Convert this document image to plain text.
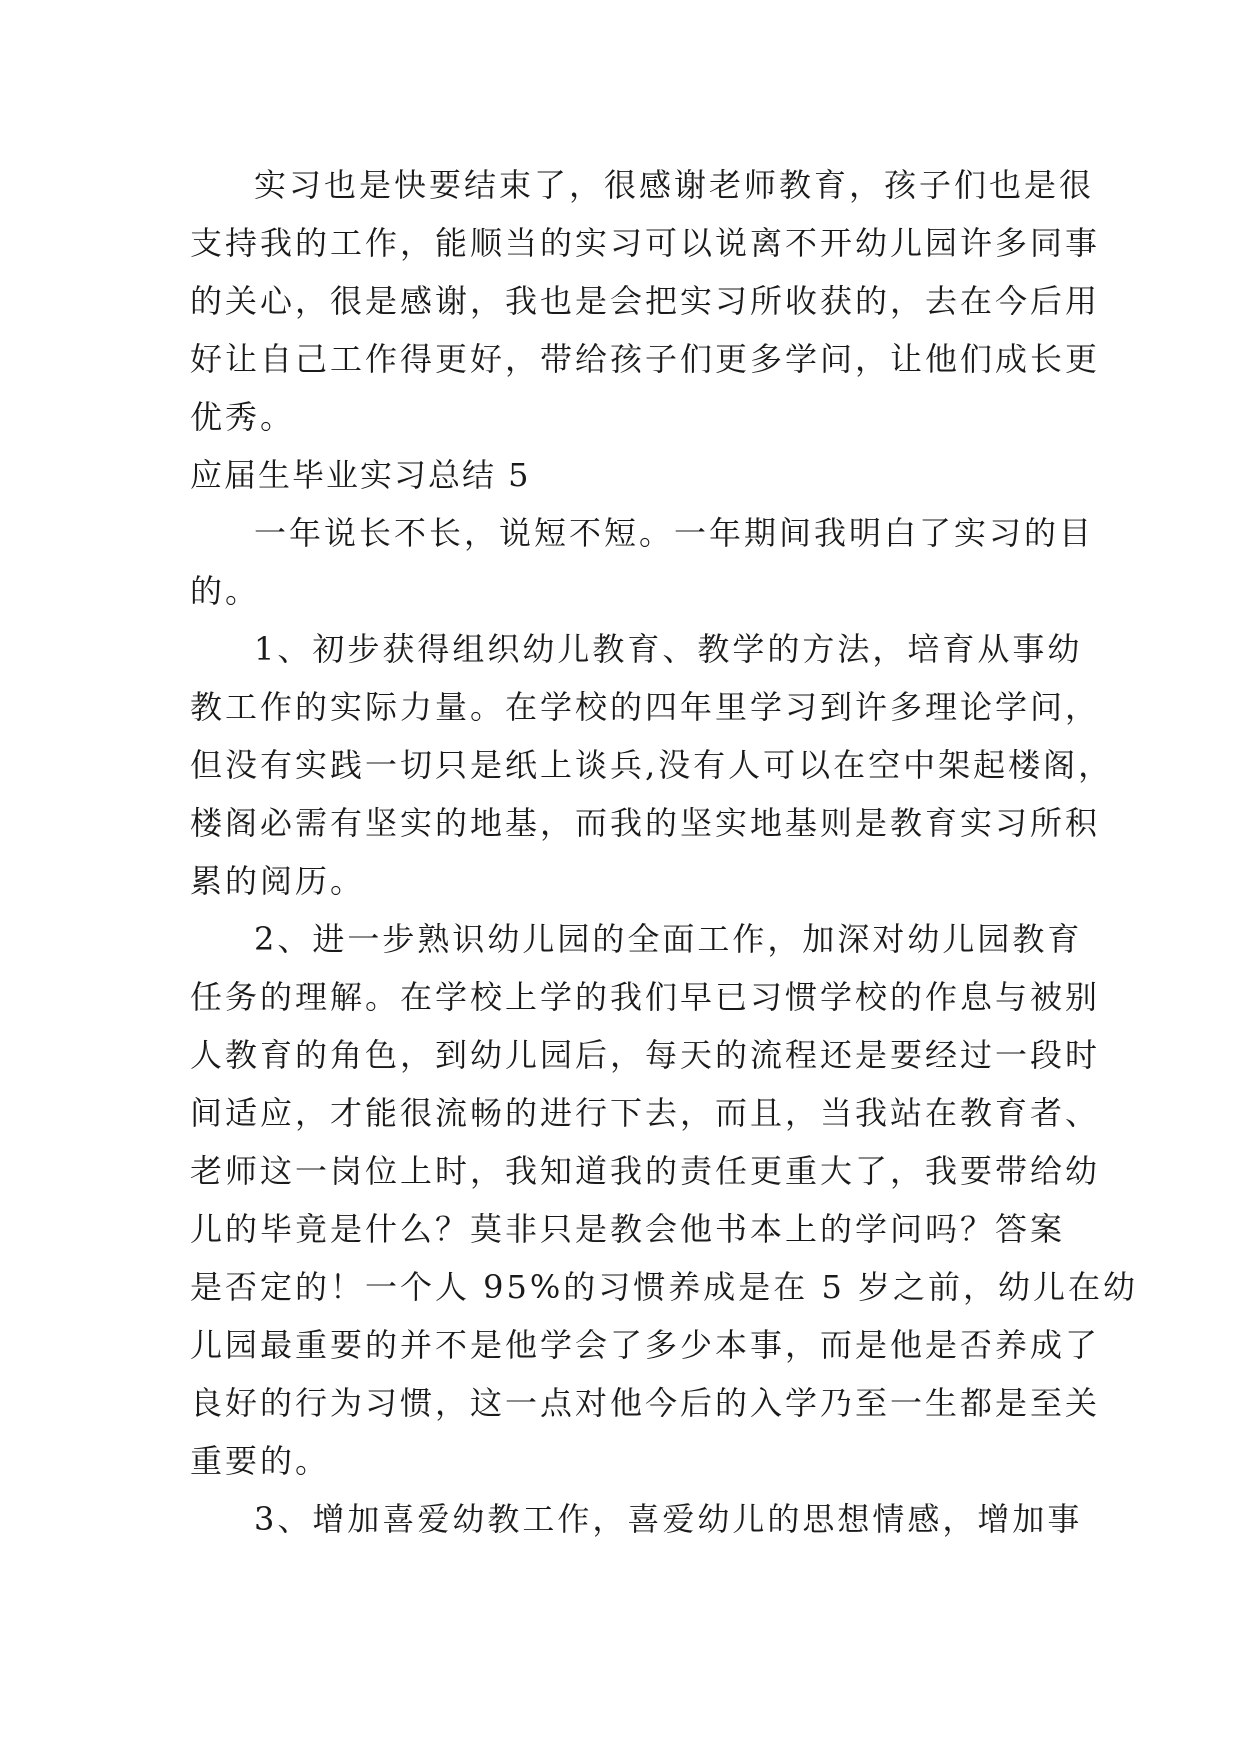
实习也是快要结束了，很感谢老师教育，孩子们也是很
支持我的工作，能顺当的实习可以说离不开幼儿园许多同事
的关心，很是感谢，我也是会把实习所收获的，去在今后用
好让自己工作得更好，带给孩子们更多学问，让他们成长更
优秀。
应届生毕业实习总结 5
一年说长不长，说短不短。一年期间我明白了实习的目
的。
1、初步获得组织幼儿教育、教学的方法，培育从事幼
教工作的实际力量。在学校的四年里学习到许多理论学问，
但没有实践一切只是纸上谈兵,没有人可以在空中架起楼阁，
楼阁必需有坚实的地基，而我的坚实地基则是教育实习所积
累的阅历。
2、进一步熟识幼儿园的全面工作，加深对幼儿园教育
任务的理解。在学校上学的我们早已习惯学校的作息与被别
人教育的角色，到幼儿园后，每天的流程还是要经过一段时
间适应，才能很流畅的进行下去，而且，当我站在教育者、
老师这一岗位上时，我知道我的责任更重大了，我要带给幼
儿的毕竟是什么？莫非只是教会他书本上的学问吗？答案
是否定的！一个人 95%的习惯养成是在 5 岁之前，幼儿在幼
儿园最重要的并不是他学会了多少本事，而是他是否养成了
良好的行为习惯，这一点对他今后的入学乃至一生都是至关
重要的。
3、增加喜爱幼教工作，喜爱幼儿的思想情感，增加事
